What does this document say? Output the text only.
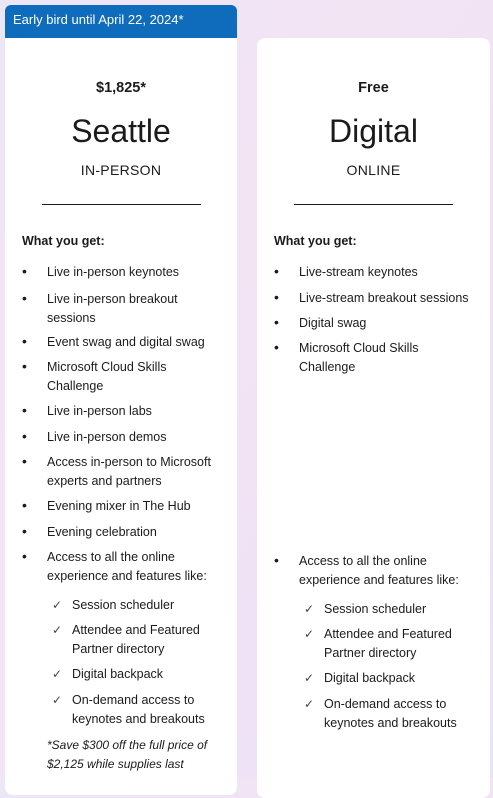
Early bird until April 22, 2024*
$1,825*
Seattle
IN-PERSON
What you get:
• Live in-person keynotes
• Live in-person breakout sessions
• Event swag and digital swag
• Microsoft Cloud Skills Challenge
• Live in-person labs
• Live in-person demos
• Access in-person to Microsoft experts and partners
• Evening mixer in The Hub
• Evening celebration
• Access to all the online experience and features like:
✓ Session scheduler
✓ Attendee and Featured Partner directory
✓ Digital backpack
✓ On-demand access to keynotes and breakouts
*Save $300 off the full price of $2,125 while supplies last
Free
Digital
ONLINE
What you get:
• Live-stream keynotes
• Live-stream breakout sessions
• Digital swag
• Microsoft Cloud Skills Challenge
• Access to all the online experience and features like:
✓ Session scheduler
✓ Attendee and Featured Partner directory
✓ Digital backpack
✓ On-demand access to keynotes and breakouts
